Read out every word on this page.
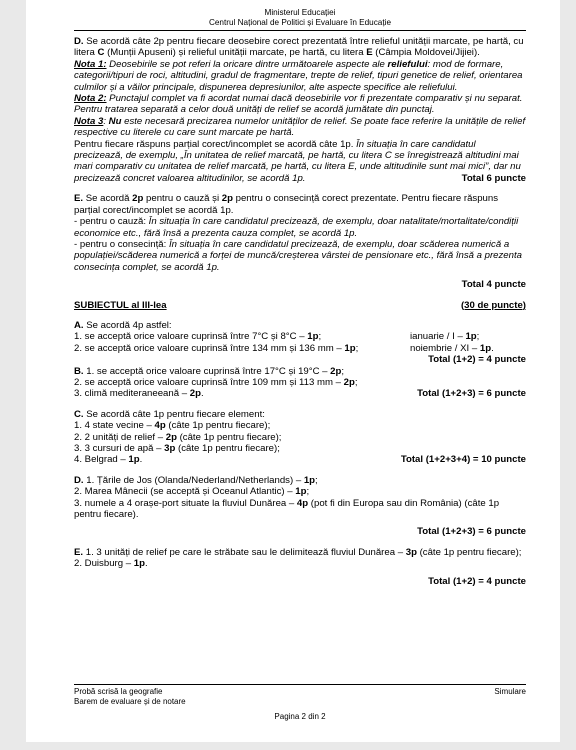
Ministerul Educației
Centrul Național de Politici și Evaluare în Educație

D. Se acordă câte 2p pentru fiecare deosebire corect prezentată între relieful unității marcate, pe hartă, cu litera C (Munții Apuseni) și relieful unității marcate, pe hartă, cu litera E (Câmpia Moldovei/Jijiei).

Nota 1: Deosebirile se pot referi la oricare dintre următoarele aspecte ale reliefului: mod de formare, categorii/tipuri de roci, altitudini, gradul de fragmentare, trepte de relief, tipuri genetice de relief, orientarea culmilor și a văilor principale, dispunerea depresiunilor, alte aspecte specifice ale reliefului.

Nota 2: Punctajul complet va fi acordat numai dacă deosebirile vor fi prezentate comparativ și nu separat. Pentru tratarea separată a celor două unități de relief se acordă jumătate din punctaj.

Nota 3: Nu este necesară precizarea numelor unităților de relief. Se poate face referire la unitățile de relief respective cu literele cu care sunt marcate pe hartă.

Pentru fiecare răspuns parțial corect/incomplet se acordă câte 1p. În situația în care candidatul precizează, de exemplu, „În unitatea de relief marcată, pe hartă, cu litera C se înregistrează altitudini mai mari comparativ cu unitatea de relief marcată, pe hartă, cu litera E, unde altitudinile sunt mai mici”, dar nu precizează concret valoarea altitudinilor, se acordă 1p.	Total 6 puncte

E. Se acordă 2p pentru o cauză și 2p pentru o consecință corect prezentate. Pentru fiecare răspuns parțial corect/incomplet se acordă 1p.

- pentru o cauză: În situația în care candidatul precizează, de exemplu, doar natalitate/mortalitate/condiții economice etc., fără însă a prezenta cauza complet, se acordă 1p.

- pentru o consecință: În situația în care candidatul precizează, de exemplu, doar scăderea numerică a populației/scăderea numerică a forței de muncă/creșterea vârstei de pensionare etc., fără însă a prezenta consecința complet, se acordă 1p.

Total 4 puncte

SUBIECTUL al III-lea	(30 de puncte)

A. Se acordă 4p astfel:

1. se acceptă orice valoare cuprinsă între 7°C și 8°C – 1p;	ianuarie / I – 1p;
2. se acceptă orice valoare cuprinsă între 134 mm și 136 mm – 1p;	noiembrie / XI – 1p.

Total (1+2) = 4 puncte

B. 1. se acceptă orice valoare cuprinsă între 17°C și 19°C – 2p;

2. se acceptă orice valoare cuprinsă între 109 mm și 113 mm – 2p;

3. climă mediteraneeană – 2p.	Total (1+2+3) = 6 puncte

C. Se acordă câte 1p pentru fiecare element:

1. 4 state vecine – 4p (câte 1p pentru fiecare);

2. 2 unități de relief – 2p (câte 1p pentru fiecare);

3. 3 cursuri de apă – 3p (câte 1p pentru fiecare);

4. Belgrad – 1p.	Total (1+2+3+4) = 10 puncte

D. 1. Țările de Jos (Olanda/Nederland/Netherlands) – 1p;

2. Marea Mânecii (se acceptă și Oceanul Atlantic) – 1p;

3. numele a 4 orașe-port situate la fluviul Dunărea – 4p (pot fi din Europa sau din România) (câte 1p pentru fiecare).

Total (1+2+3) = 6 puncte

E. 1. 3 unități de relief pe care le străbate sau le delimitează fluviul Dunărea – 3p (câte 1p pentru fiecare);

2. Duisburg – 1p.

Total (1+2) = 4 puncte

Probă scrisă la geografie	Simulare
Barem de evaluare și de notare
Pagina 2 din 2
